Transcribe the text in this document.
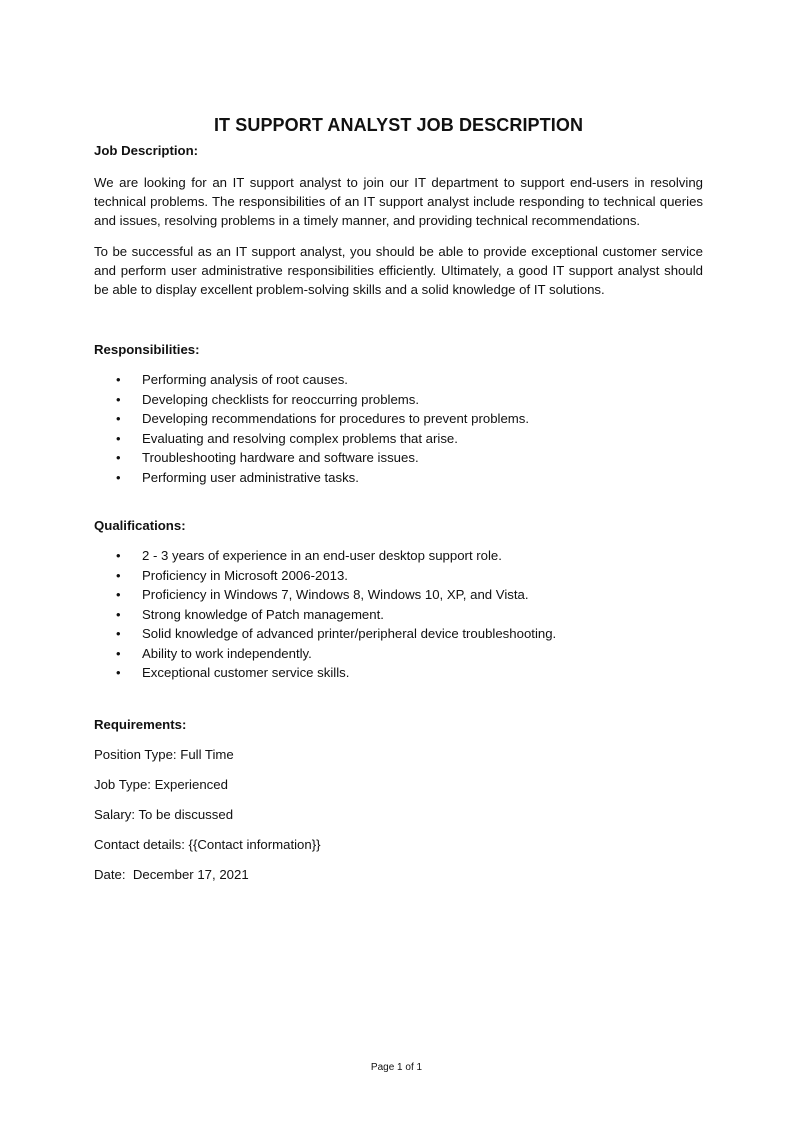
IT SUPPORT ANALYST JOB DESCRIPTION
Job Description:

We are looking for an IT support analyst to join our IT department to support end-users in resolving technical problems. The responsibilities of an IT support analyst include responding to technical queries and issues, resolving problems in a timely manner, and providing technical recommendations.

To be successful as an IT support analyst, you should be able to provide exceptional customer service and perform user administrative responsibilities efficiently. Ultimately, a good IT support analyst should be able to display excellent problem-solving skills and a solid knowledge of IT solutions.

Responsibilities:
• Performing analysis of root causes.
• Developing checklists for reoccurring problems.
• Developing recommendations for procedures to prevent problems.
• Evaluating and resolving complex problems that arise.
• Troubleshooting hardware and software issues.
• Performing user administrative tasks.
Qualifications:
• 2 - 3 years of experience in an end-user desktop support role.
• Proficiency in Microsoft 2006-2013.
• Proficiency in Windows 7, Windows 8, Windows 10, XP, and Vista.
• Strong knowledge of Patch management.
• Solid knowledge of advanced printer/peripheral device troubleshooting.
• Ability to work independently.
• Exceptional customer service skills.
Requirements:

Position Type: Full Time

Job Type: Experienced

Salary: To be discussed

Contact details: {{Contact information}}

Date:  December 17, 2021

Page 1 of 1
